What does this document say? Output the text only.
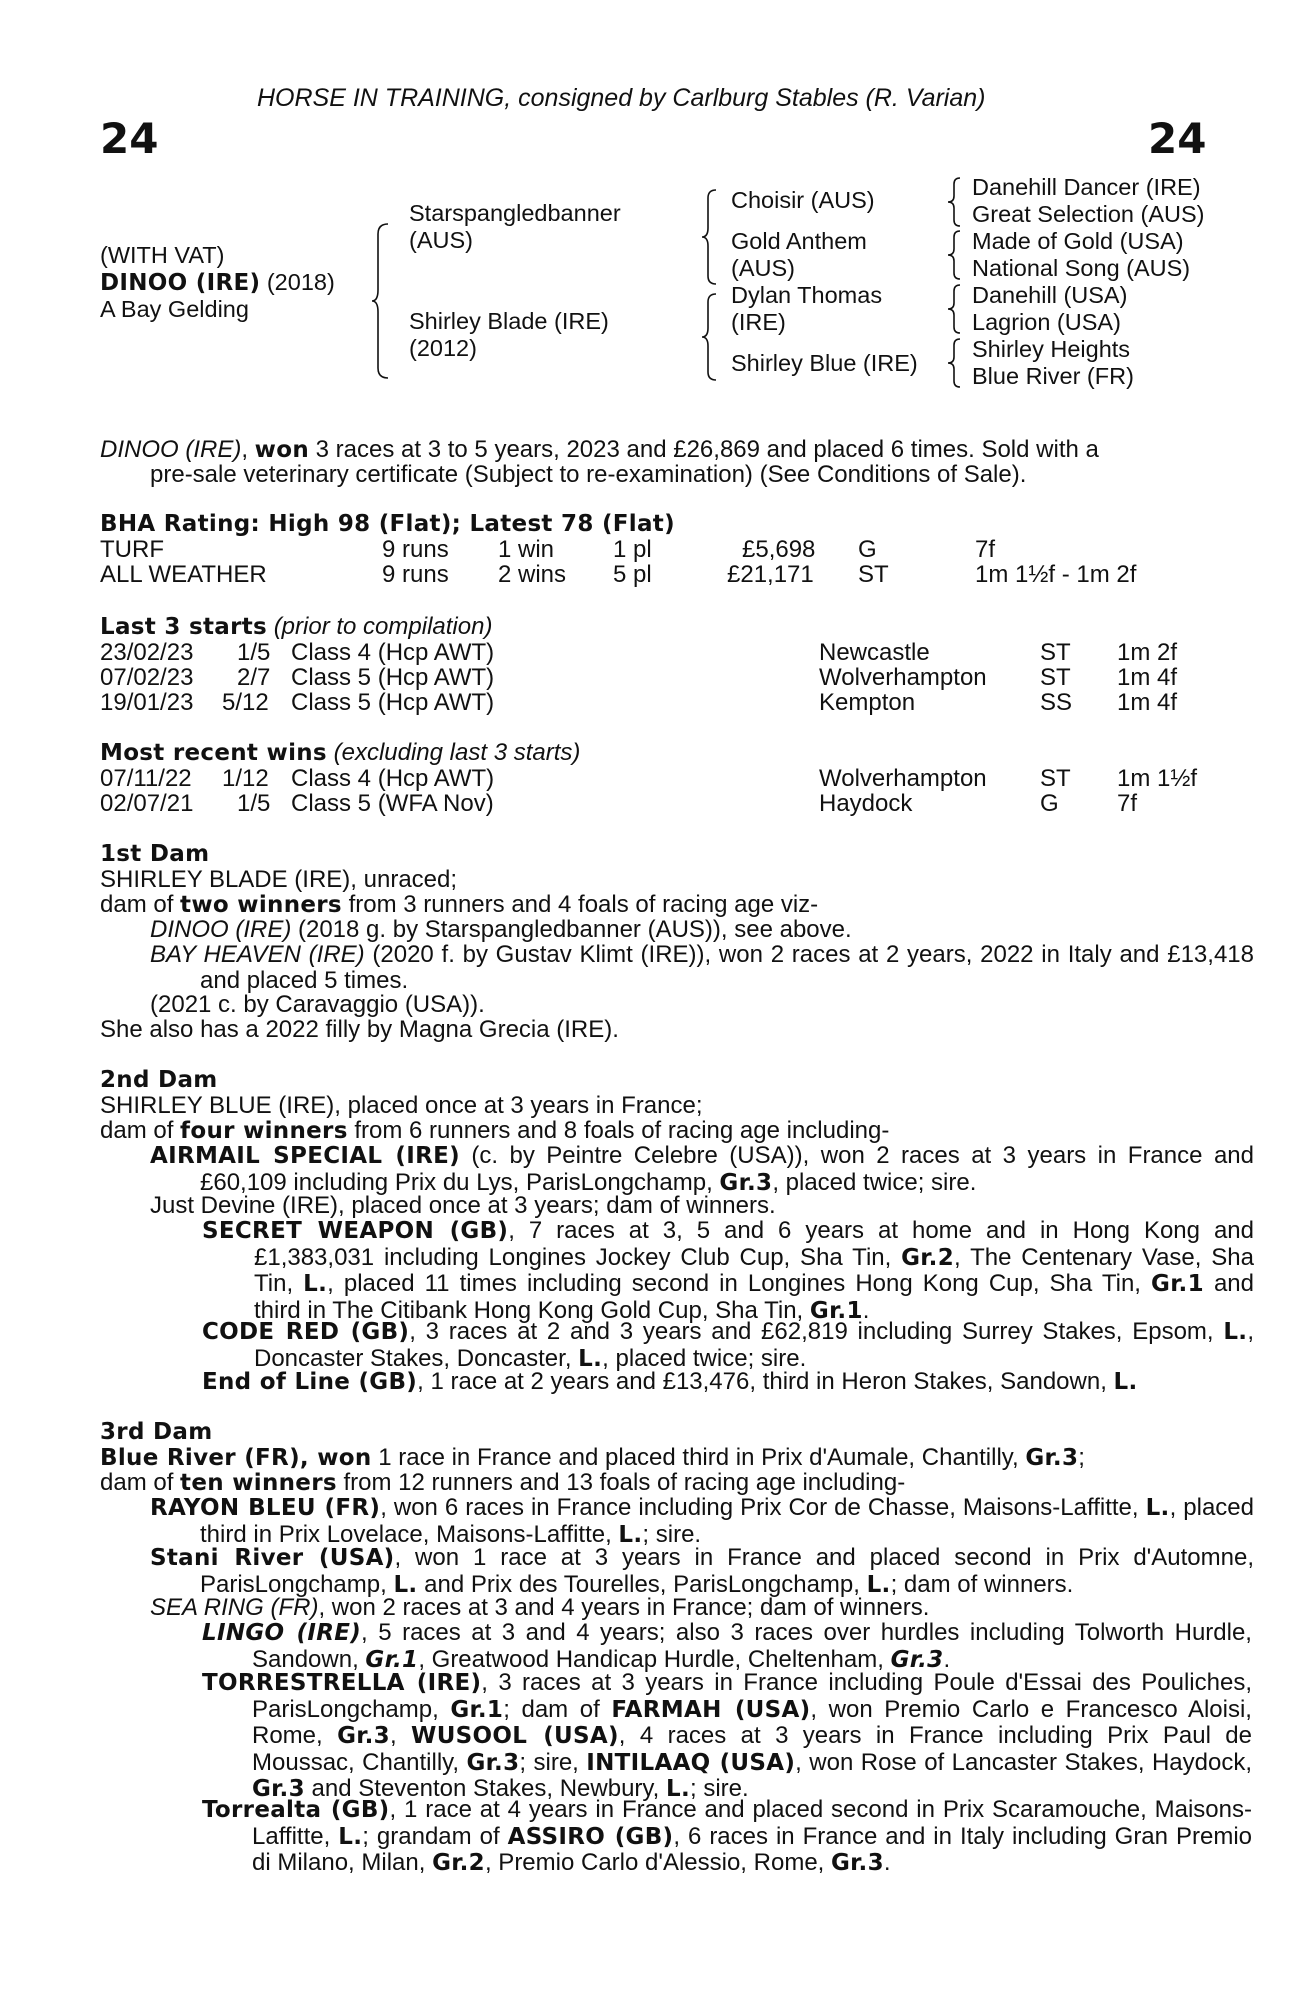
HORSE IN TRAINING, consigned by Carlburg Stables (R. Varian)
24	24
(WITH VAT)
DINOO (IRE) (2018)
A Bay Gelding
Starspangledbanner
(AUS)
Shirley Blade (IRE)
(2012)
Choisir (AUS)
Gold Anthem
(AUS)
Dylan Thomas
(IRE)
Shirley Blue (IRE)
Danehill Dancer (IRE)
Great Selection (AUS)
Made of Gold (USA)
National Song (AUS)
Danehill (USA)
Lagrion (USA)
Shirley Heights
Blue River (FR)
DINOO (IRE), won 3 races at 3 to 5 years, 2023 and £26,869 and placed 6 times. Sold with a
pre-sale veterinary certificate (Subject to re-examination) (See Conditions of Sale).
BHA Rating: High 98 (Flat); Latest 78 (Flat)
TURF	9 runs 1 win 1 pl	£5,698 G	7f
ALL WEATHER	9 runs 2 wins 5 pl	£21,171 ST	1m 1½f - 1m 2f
Last 3 starts (prior to compilation)
23/02/23 1/5 Class 4 (Hcp AWT)	Newcastle	ST 1m 2f
07/02/23 2/7 Class 5 (Hcp AWT)	Wolverhampton ST 1m 4f
19/01/23 5/12 Class 5 (Hcp AWT)	Kempton	SS 1m 4f
Most recent wins (excluding last 3 starts)
07/11/22 1/12 Class 4 (Hcp AWT)	Wolverhampton ST 1m 1½f
02/07/21 1/5 Class 5 (WFA Nov)	Haydock	G 7f
1st Dam
SHIRLEY BLADE (IRE), unraced;
dam of two winners from 3 runners and 4 foals of racing age viz-
DINOO (IRE) (2018 g. by Starspangledbanner (AUS)), see above.
BAY HEAVEN (IRE) (2020 f. by Gustav Klimt (IRE)), won 2 races at 2 years, 2022 in Italy and £13,418 and placed 5 times.
(2021 c. by Caravaggio (USA)).
She also has a 2022 filly by Magna Grecia (IRE).
2nd Dam
SHIRLEY BLUE (IRE), placed once at 3 years in France;
dam of four winners from 6 runners and 8 foals of racing age including-
AIRMAIL SPECIAL (IRE) (c. by Peintre Celebre (USA)), won 2 races at 3 years in France and £60,109 including Prix du Lys, ParisLongchamp, Gr.3, placed twice; sire.
Just Devine (IRE), placed once at 3 years; dam of winners.
SECRET WEAPON (GB), 7 races at 3, 5 and 6 years at home and in Hong Kong and £1,383,031 including Longines Jockey Club Cup, Sha Tin, Gr.2, The Centenary Vase, Sha Tin, L., placed 11 times including second in Longines Hong Kong Cup, Sha Tin, Gr.1 and third in The Citibank Hong Kong Gold Cup, Sha Tin, Gr.1.
CODE RED (GB), 3 races at 2 and 3 years and £62,819 including Surrey Stakes, Epsom, L., Doncaster Stakes, Doncaster, L., placed twice; sire.
End of Line (GB), 1 race at 2 years and £13,476, third in Heron Stakes, Sandown, L.
3rd Dam
Blue River (FR), won 1 race in France and placed third in Prix d'Aumale, Chantilly, Gr.3;
dam of ten winners from 12 runners and 13 foals of racing age including-
RAYON BLEU (FR), won 6 races in France including Prix Cor de Chasse, Maisons-Laffitte, L., placed third in Prix Lovelace, Maisons-Laffitte, L.; sire.
Stani River (USA), won 1 race at 3 years in France and placed second in Prix d'Automne, ParisLongchamp, L. and Prix des Tourelles, ParisLongchamp, L.; dam of winners.
SEA RING (FR), won 2 races at 3 and 4 years in France; dam of winners.
LINGO (IRE), 5 races at 3 and 4 years; also 3 races over hurdles including Tolworth Hurdle, Sandown, Gr.1, Greatwood Handicap Hurdle, Cheltenham, Gr.3.
TORRESTRELLA (IRE), 3 races at 3 years in France including Poule d'Essai des Pouliches, ParisLongchamp, Gr.1; dam of FARMAH (USA), won Premio Carlo e Francesco Aloisi, Rome, Gr.3, WUSOOL (USA), 4 races at 3 years in France including Prix Paul de Moussac, Chantilly, Gr.3; sire, INTILAAQ (USA), won Rose of Lancaster Stakes, Haydock, Gr.3 and Steventon Stakes, Newbury, L.; sire.
Torrealta (GB), 1 race at 4 years in France and placed second in Prix Scaramouche, Maisons-Laffitte, L.; grandam of ASSIRO (GB), 6 races in France and in Italy including Gran Premio di Milano, Milan, Gr.2, Premio Carlo d'Alessio, Rome, Gr.3.
